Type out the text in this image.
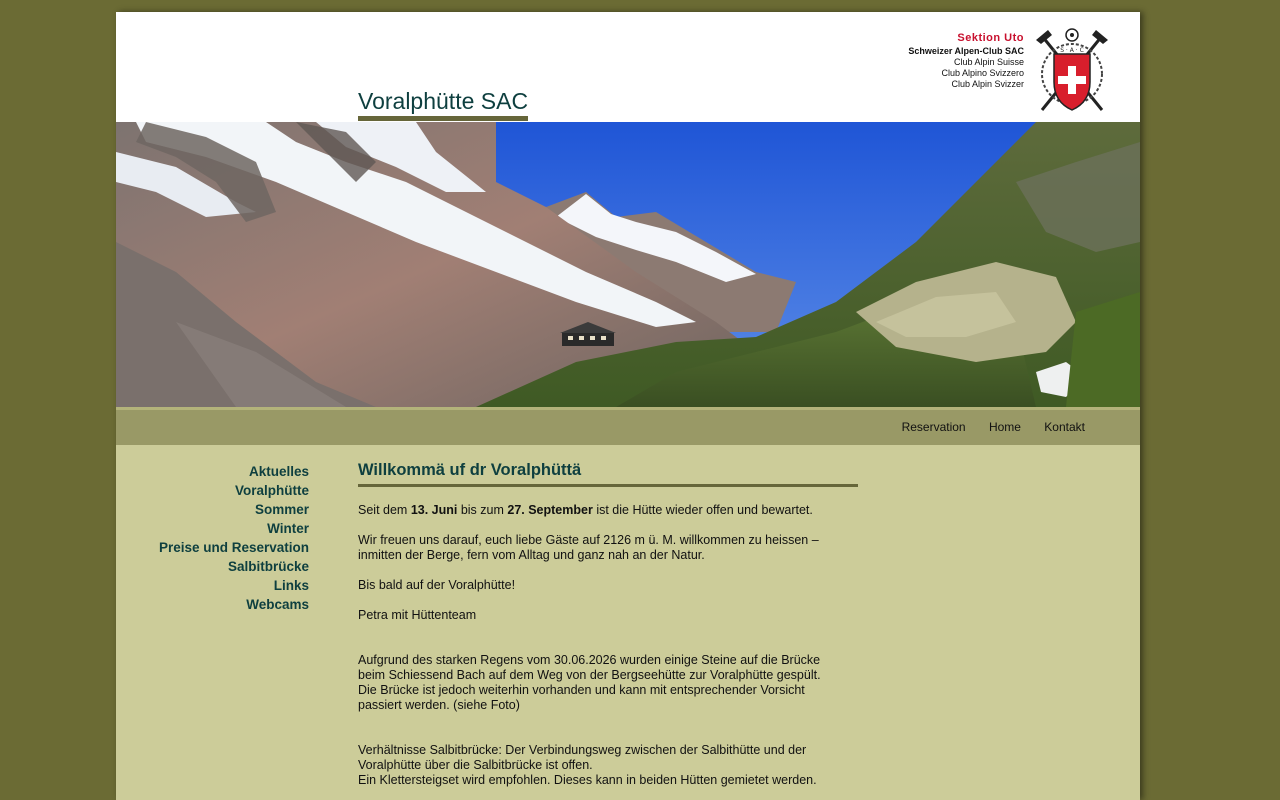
Voralphütte SAC
Sektion Uto
Schweizer Alpen-Club SAC
Club Alpin Suisse
Club Alpino Svizzero
Club Alpin Svizzer
S · A · C
Reservation Home Kontakt
Aktuelles
Voralphütte
Sommer
Winter
Preise und Reservation
Salbitbrücke
Links
Webcams
Willkommä uf dr Voralphüttä

Seit dem 13. Juni bis zum 27. September ist die Hütte wieder offen und bewartet.

Wir freuen uns darauf, euch liebe Gäste auf 2126 m ü. M. willkommen zu heissen –
inmitten der Berge, fern vom Alltag und ganz nah an der Natur.

Bis bald auf der Voralphütte!

Petra mit Hüttenteam

Aufgrund des starken Regens vom 30.06.2026 wurden einige Steine auf die Brücke
beim Schiessend Bach auf dem Weg von der Bergseehütte zur Voralphütte gespült.
Die Brücke ist jedoch weiterhin vorhanden und kann mit entsprechender Vorsicht
passiert werden. (siehe Foto)

Verhältnisse Salbitbrücke: Der Verbindungsweg zwischen der Salbithütte und der
Voralphütte über die Salbitbrücke ist offen.
Ein Klettersteigset wird empfohlen. Dieses kann in beiden Hütten gemietet werden.
